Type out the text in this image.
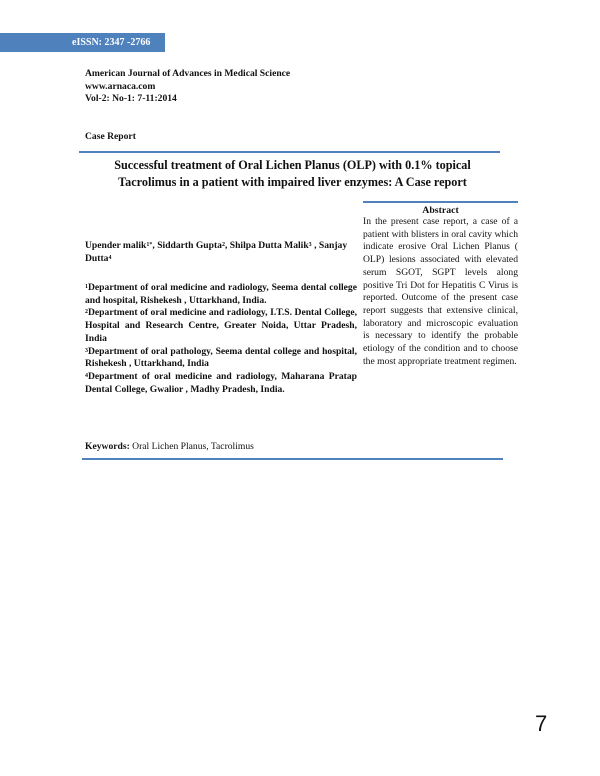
eISSN: 2347 -2766
American Journal of Advances in Medical Science
www.arnaca.com
Vol-2: No-1: 7-11:2014
Case Report
Successful treatment of Oral Lichen Planus (OLP) with 0.1% topical
Tacrolimus in a patient with impaired liver enzymes: A Case report
Abstract
In the present case report, a case of a patient with blisters in oral cavity which indicate erosive Oral Lichen Planus ( OLP) lesions associated with elevated serum SGOT, SGPT levels along positive Tri Dot for Hepatitis C Virus is reported. Outcome of the present case report suggests that extensive clinical, laboratory and microscopic evaluation is necessary to identify the probable etiology of the condition and to choose the most appropriate treatment regimen.
Upender malik$^{1*}$, Siddarth Gupta$^2$, Shilpa Dutta Malik$^3$ , Sanjay Dutta$^4$

$^1$Department of oral medicine and radiology, Seema dental college and hospital, Rishekesh , Uttarkhand, India.

$^2$Department of oral medicine and radiology, I.T.S. Dental College, Hospital and Research Centre, Greater Noida, Uttar Pradesh, India

$^3$Department of oral pathology, Seema dental college and hospital, Rishekesh , Uttarkhand, India

$^4$Department of oral medicine and radiology, Maharana Pratap Dental College, Gwalior , Madhy Pradesh, India.

Keywords: Oral Lichen Planus, Tacrolimus
7
